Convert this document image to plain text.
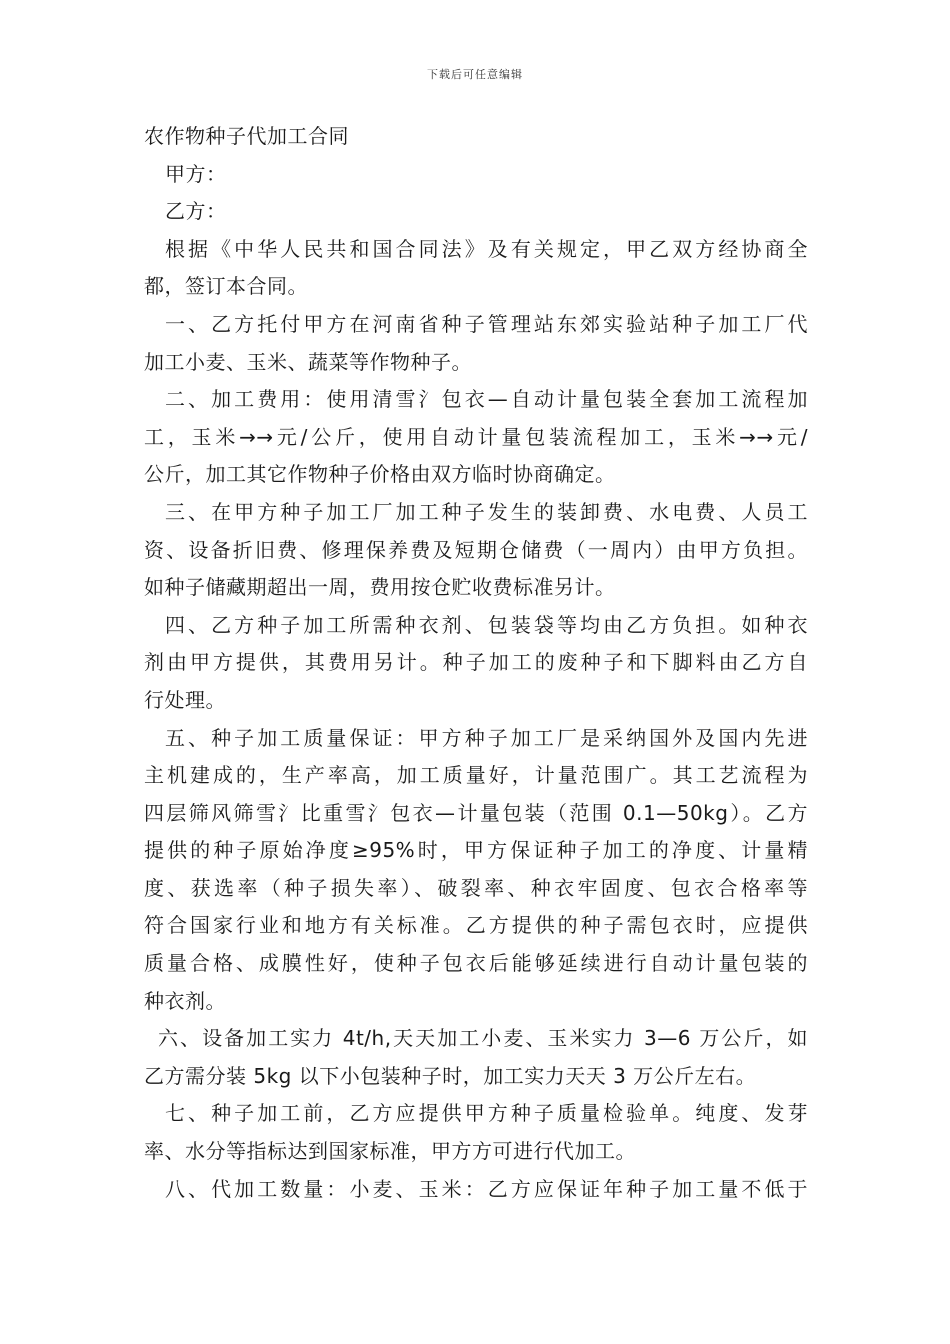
下载后可任意编辑
农作物种子代加工合同
甲方：
乙方：
根据《中华人民共和国合同法》及有关规定，甲乙双方经协商全
都，签订本合同。
一、乙方托付甲方在河南省种子管理站东郊实验站种子加工厂代
加工小麦、玉米、蔬菜等作物种子。
二、加工费用：使用清雪氵包衣—自动计量包装全套加工流程加
工，玉米→→元/公斤，使用自动计量包装流程加工，玉米→→元/
公斤，加工其它作物种子价格由双方临时协商确定。
三、在甲方种子加工厂加工种子发生的装卸费、水电费、人员工
资、设备折旧费、修理保养费及短期仓储费（一周内）由甲方负担。
如种子储藏期超出一周，费用按仓贮收费标准另计。
四、乙方种子加工所需种衣剂、包装袋等均由乙方负担。如种衣
剂由甲方提供，其费用另计。种子加工的废种子和下脚料由乙方自
行处理。
五、种子加工质量保证：甲方种子加工厂是采纳国外及国内先进
主机建成的，生产率高，加工质量好，计量范围广。其工艺流程为
四层筛风筛雪氵比重雪氵包衣—计量包装（范围 0.1—50kg）。乙方
提供的种子原始净度≥95%时，甲方保证种子加工的净度、计量精
度、获选率（种子损失率）、破裂率、种衣牢固度、包衣合格率等
符合国家行业和地方有关标准。乙方提供的种子需包衣时，应提供
质量合格、成膜性好，使种子包衣后能够延续进行自动计量包装的
种衣剂。
六、设备加工实力 4t/h,天天加工小麦、玉米实力 3—6 万公斤，如
乙方需分装 5kg 以下小包装种子时，加工实力天天 3 万公斤左右。
七、种子加工前，乙方应提供甲方种子质量检验单。纯度、发芽
率、水分等指标达到国家标准，甲方方可进行代加工。
八、代加工数量：小麦、玉米：乙方应保证年种子加工量不低于
